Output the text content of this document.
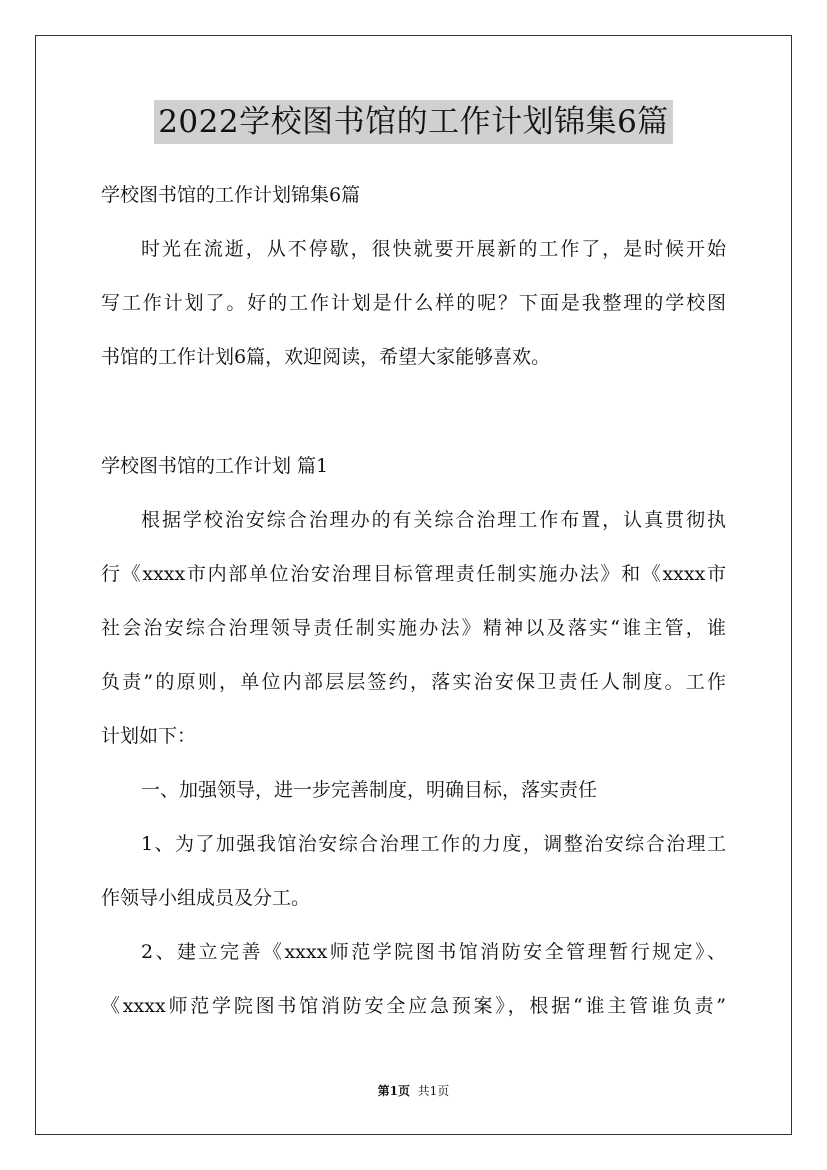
2022学校图书馆的工作计划锦集6篇

学校图书馆的工作计划锦集6篇

时光在流逝，从不停歇，很快就要开展新的工作了，是时候开始

写工作计划了。好的工作计划是什么样的呢？下面是我整理的学校图

书馆的工作计划6篇，欢迎阅读，希望大家能够喜欢。

学校图书馆的工作计划 篇1

根据学校治安综合治理办的有关综合治理工作布置，认真贯彻执

行《xxxx市内部单位治安治理目标管理责任制实施办法》和《xxxx市

社会治安综合治理领导责任制实施办法》精神以及落实“谁主管，谁

负责”的原则，单位内部层层签约，落实治安保卫责任人制度。工作

计划如下：

一、加强领导，进一步完善制度，明确目标，落实责任

1、为了加强我馆治安综合治理工作的力度，调整治安综合治理工

作领导小组成员及分工。

2、建立完善《xxxx师范学院图书馆消防安全管理暂行规定》、

《xxxx师范学院图书馆消防安全应急预案》，根据“谁主管谁负责”

第1页 共1页
